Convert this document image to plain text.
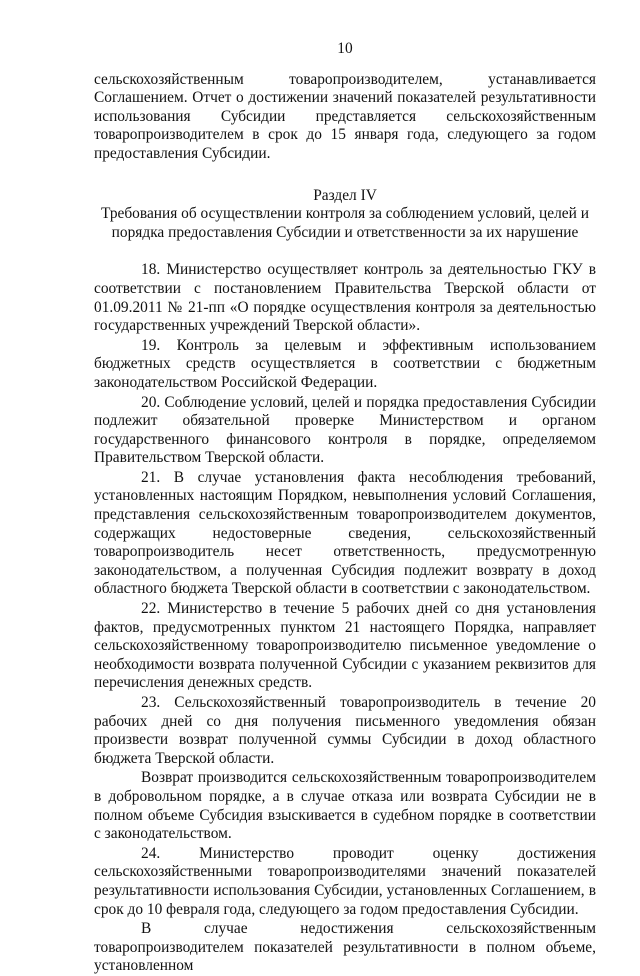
10

сельскохозяйственным товаропроизводителем, устанавливается Соглашением. Отчет о достижении значений показателей результативности использования Субсидии представляется сельскохозяйственным товаропроизводителем в срок до 15 января года, следующего за годом предоставления Субсидии.

Раздел IV
Требования об осуществлении контроля за соблюдением условий, целей и порядка предоставления Субсидии и ответственности за их нарушение

18. Министерство осуществляет контроль за деятельностью ГКУ в соответствии с постановлением Правительства Тверской области от 01.09.2011 № 21-пп «О порядке осуществления контроля за деятельностью государственных учреждений Тверской области».

19. Контроль за целевым и эффективным использованием бюджетных средств осуществляется в соответствии с бюджетным законодательством Российской Федерации.

20. Соблюдение условий, целей и порядка предоставления Субсидии подлежит обязательной проверке Министерством и органом государственного финансового контроля в порядке, определяемом Правительством Тверской области.

21. В случае установления факта несоблюдения требований, установленных настоящим Порядком, невыполнения условий Соглашения, представления сельскохозяйственным товаропроизводителем документов, содержащих недостоверные сведения, сельскохозяйственный товаропроизводитель несет ответственность, предусмотренную законодательством, а полученная Субсидия подлежит возврату в доход областного бюджета Тверской области в соответствии с законодательством.

22. Министерство в течение 5 рабочих дней со дня установления фактов, предусмотренных пунктом 21 настоящего Порядка, направляет сельскохозяйственному товаропроизводителю письменное уведомление о необходимости возврата полученной Субсидии с указанием реквизитов для перечисления денежных средств.

23. Сельскохозяйственный товаропроизводитель в течение 20 рабочих дней со дня получения письменного уведомления обязан произвести возврат полученной суммы Субсидии в доход областного бюджета Тверской области.

Возврат производится сельскохозяйственным товаропроизводителем в добровольном порядке, а в случае отказа или возврата Субсидии не в полном объеме Субсидия взыскивается в судебном порядке в соответствии с законодательством.

24. Министерство проводит оценку достижения сельскохозяйственными товаропроизводителями значений показателей результативности использования Субсидии, установленных Соглашением, в срок до 10 февраля года, следующего за годом предоставления Субсидии.

В случае недостижения сельскохозяйственным товаропроизводителем показателей результативности в полном объеме, установленном
